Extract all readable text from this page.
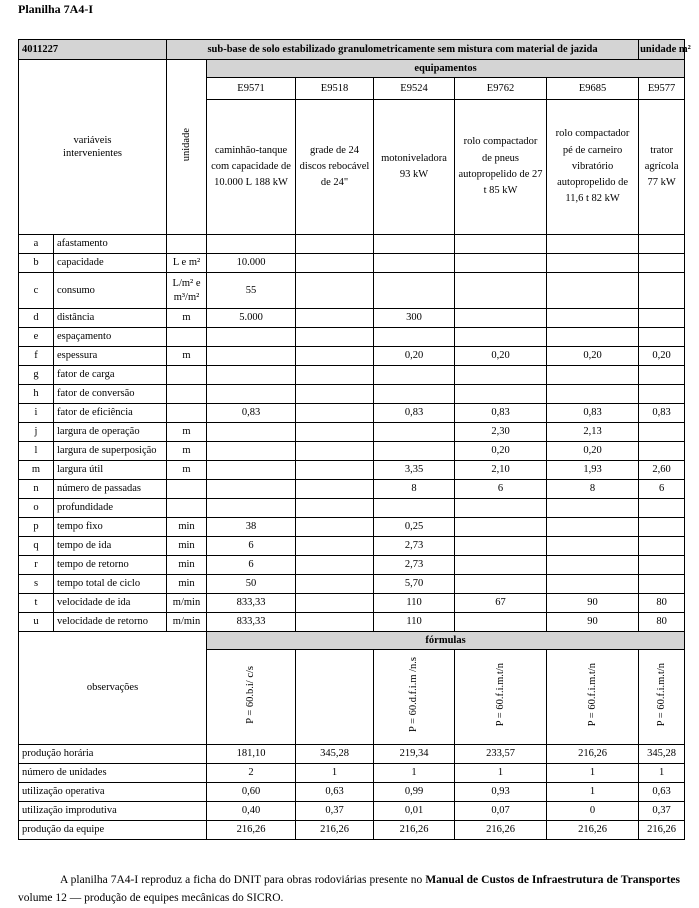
Planilha 7A4-I
4011227		sub-base de solo estabilizado granulometricamente sem mistura com material de jazida						unidade m²
variáveis intervenientes		unidade	equipamentos					
			E9571	E9518	E9524	E9762	E9685	E9577
			caminhão-tanque com capacidade de 10.000 L 188 kW	grade de 24 discos rebocável de 24"	motoniveladora 93 kW	rolo compactador de pneus autopropelido de 27 t 85 kW	rolo compactador pé de carneiro vibratório autopropelido de 11,6 t 82 kW	trator agrícola 77 kW
a	afastamento							
b	capacidade	L e m²	10.000					
c	consumo	L/m² e m³/m²	55					
d	distância	m	5.000		300			
e	espaçamento							
f	espessura	m			0,20	0,20	0,20	0,20
g	fator de carga							
h	fator de conversão							
i	fator de eficiência		0,83		0,83	0,83	0,83	0,83
j	largura de operação	m				2,30	2,13	
l	largura de superposição	m				0,20	0,20	
m	largura útil	m			3,35	2,10	1,93	2,60
n	número de passadas				8	6	8	6
o	profundidade							
p	tempo fixo	min	38		0,25			
q	tempo de ida	min	6		2,73			
r	tempo de retorno	min	6		2,73			
s	tempo total de ciclo	min	50		5,70			
t	velocidade de ida	m/min	833,33		110	67	90	80
u	velocidade de retorno	m/min	833,33		110		90	80
observações			fórmulas					
			P = 60.b.i/ c/s		P = 60.d.f.i.m /n.s	P = 60.f.i.m.t/n	P = 60.f.i.m.t/n	P = 60.f.i.m.t/n
produção horária			181,10	345,28	219,34	233,57	216,26	345,28
número de unidades			2	1	1	1	1	1
utilização operativa			0,60	0,63	0,99	0,93	1	0,63
utilização improdutiva			0,40	0,37	0,01	0,07	0	0,37
produção da equipe			216,26	216,26	216,26	216,26	216,26	216,26
A planilha 7A4-I reproduz a ficha do DNIT para obras rodoviárias presente no Manual de Custos de Infraestrutura de Transportes volume 12 — produção de equipes mecânicas do SICRO.
